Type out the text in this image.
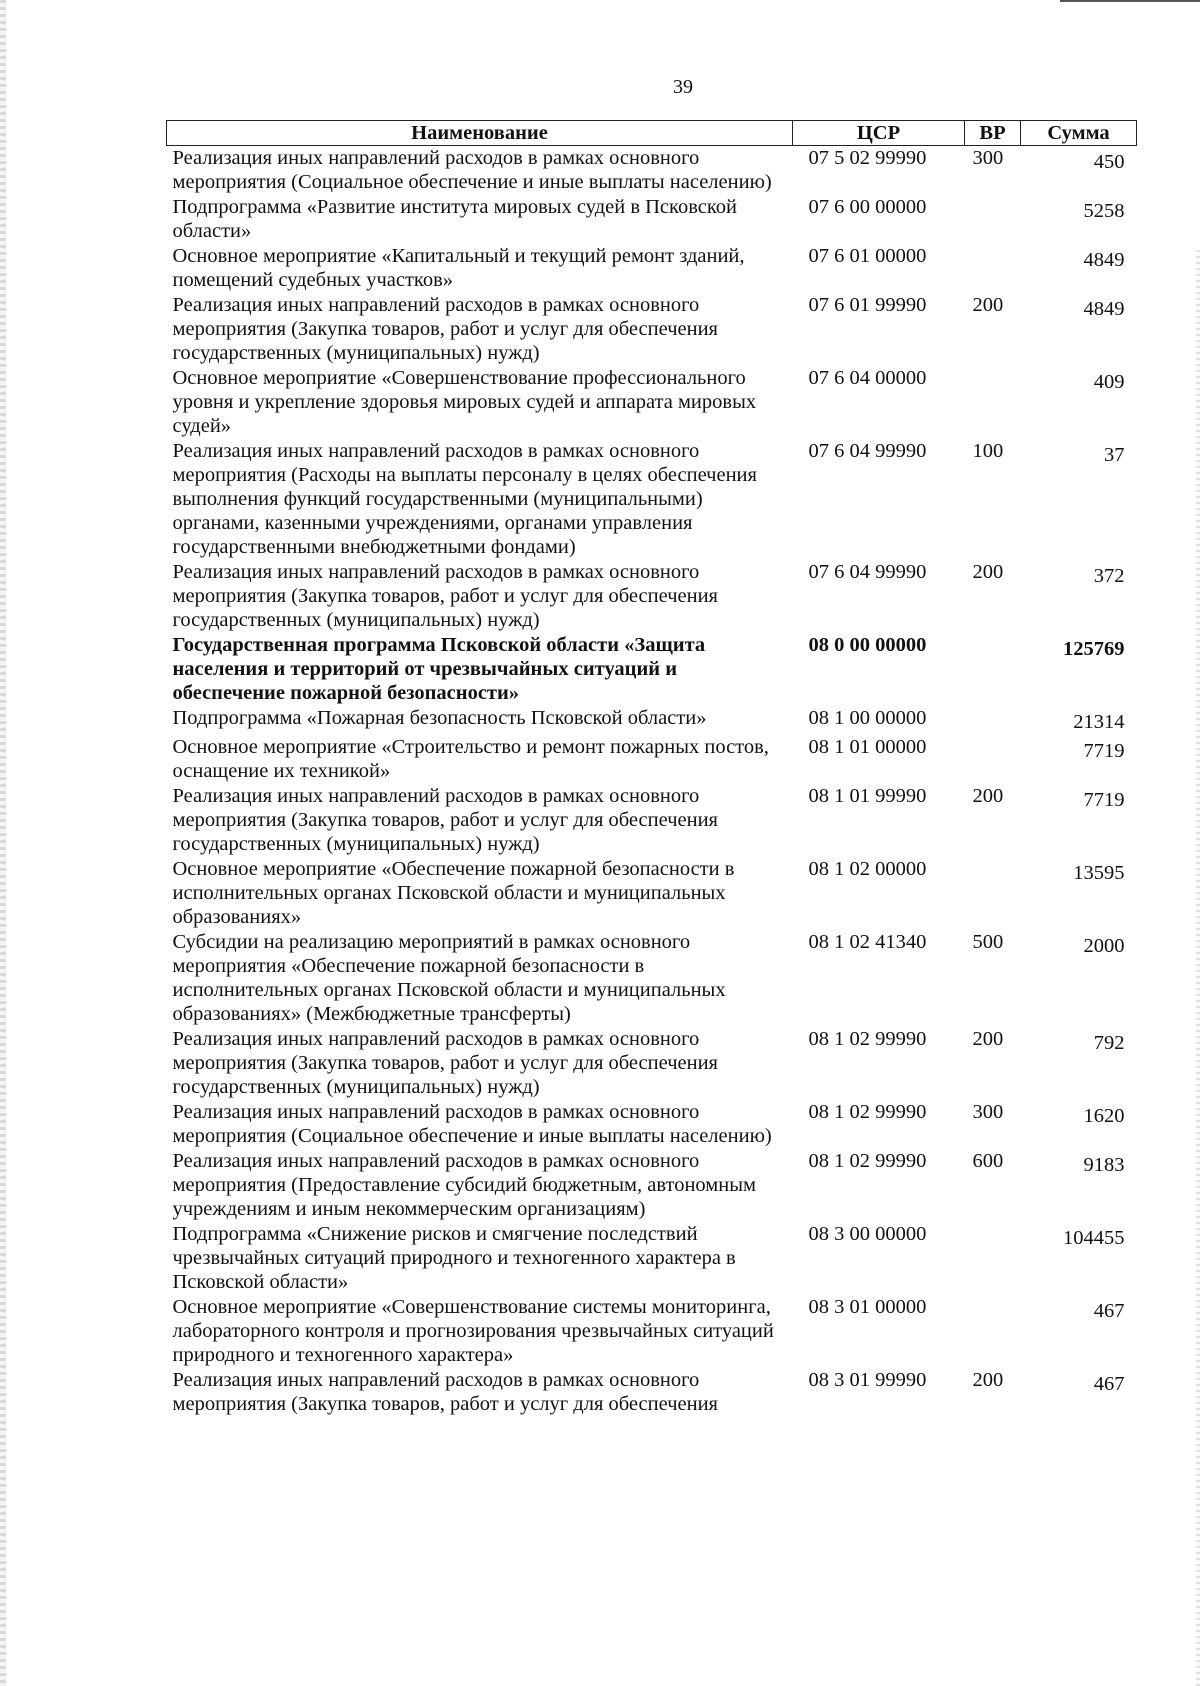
39
Наименование	ЦСР	ВР	Сумма
Реализация иных направлений расходов в рамках основного мероприятия (Социальное обеспечение и иные выплаты населению)	07 5 02 99990	300	450
Подпрограмма «Развитие института мировых судей в Псковской области»	07 6 00 00000		5258
Основное мероприятие «Капитальный и текущий ремонт зданий, помещений судебных участков»	07 6 01 00000		4849
Реализация иных направлений расходов в рамках основного мероприятия (Закупка товаров, работ и услуг для обеспечения государственных (муниципальных) нужд)	07 6 01 99990	200	4849
Основное мероприятие «Совершенствование профессионального уровня и укрепление здоровья мировых судей и аппарата мировых судей»	07 6 04 00000		409
Реализация иных направлений расходов в рамках основного мероприятия (Расходы на выплаты персоналу в целях обеспечения выполнения функций государственными (муниципальными) органами, казенными учреждениями, органами управления государственными внебюджетными фондами)	07 6 04 99990	100	37
Реализация иных направлений расходов в рамках основного мероприятия (Закупка товаров, работ и услуг для обеспечения государственных (муниципальных) нужд)	07 6 04 99990	200	372
Государственная программа Псковской области «Защита населения и территорий от чрезвычайных ситуаций и обеспечение пожарной безопасности»	08 0 00 00000		125769
Подпрограмма «Пожарная безопасность Псковской области»	08 1 00 00000		21314
Основное мероприятие «Строительство и ремонт пожарных постов, оснащение их техникой»	08 1 01 00000		7719
Реализация иных направлений расходов в рамках основного мероприятия (Закупка товаров, работ и услуг для обеспечения государственных (муниципальных) нужд)	08 1 01 99990	200	7719
Основное мероприятие «Обеспечение пожарной безопасности в исполнительных органах Псковской области и муниципальных образованиях»	08 1 02 00000		13595
Субсидии на реализацию мероприятий в рамках основного мероприятия «Обеспечение пожарной безопасности в исполнительных органах Псковской области и муниципальных образованиях» (Межбюджетные трансферты)	08 1 02 41340	500	2000
Реализация иных направлений расходов в рамках основного мероприятия (Закупка товаров, работ и услуг для обеспечения государственных (муниципальных) нужд)	08 1 02 99990	200	792
Реализация иных направлений расходов в рамках основного мероприятия (Социальное обеспечение и иные выплаты населению)	08 1 02 99990	300	1620
Реализация иных направлений расходов в рамках основного мероприятия (Предоставление субсидий бюджетным, автономным учреждениям и иным некоммерческим организациям)	08 1 02 99990	600	9183
Подпрограмма «Снижение рисков и смягчение последствий чрезвычайных ситуаций природного и техногенного характера в Псковской области»	08 3 00 00000		104455
Основное мероприятие «Совершенствование системы мониторинга, лабораторного контроля и прогнозирования чрезвычайных ситуаций природного и техногенного характера»	08 3 01 00000		467
Реализация иных направлений расходов в рамках основного мероприятия (Закупка товаров, работ и услуг для обеспечения	08 3 01 99990	200	467
